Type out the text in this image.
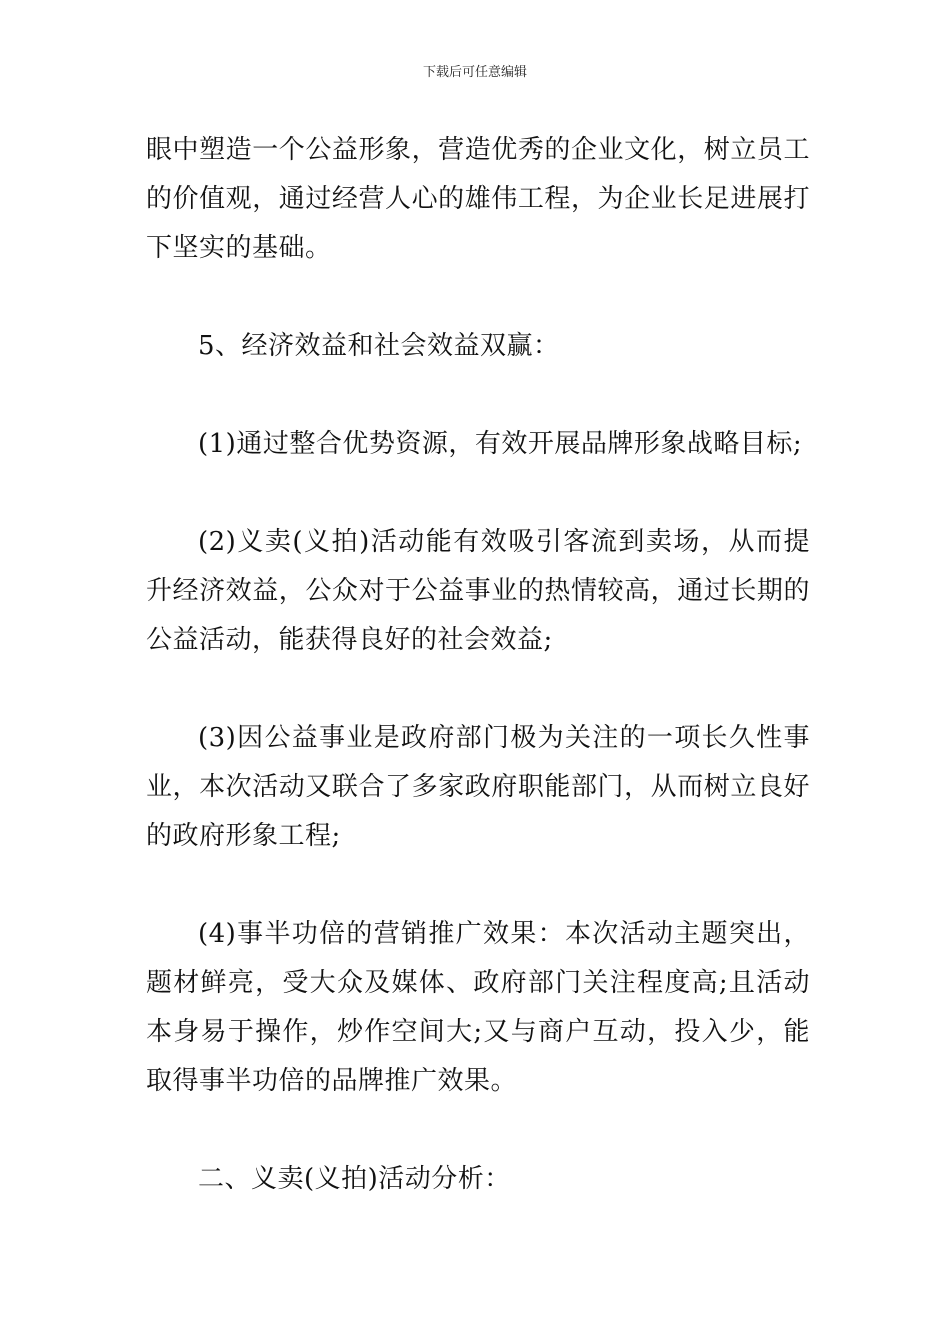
下载后可任意编辑

眼中塑造一个公益形象，营造优秀的企业文化，树立员工的价值观，通过经营人心的雄伟工程，为企业长足进展打下坚实的基础。

5、经济效益和社会效益双赢：

(1)通过整合优势资源，有效开展品牌形象战略目标;

(2)义卖(义拍)活动能有效吸引客流到卖场，从而提升经济效益，公众对于公益事业的热情较高，通过长期的公益活动，能获得良好的社会效益;

(3)因公益事业是政府部门极为关注的一项长久性事业，本次活动又联合了多家政府职能部门，从而树立良好的政府形象工程;

(4)事半功倍的营销推广效果：本次活动主题突出，题材鲜亮，受大众及媒体、政府部门关注程度高;且活动本身易于操作，炒作空间大;又与商户互动，投入少，能取得事半功倍的品牌推广效果。

二、义卖(义拍)活动分析：
